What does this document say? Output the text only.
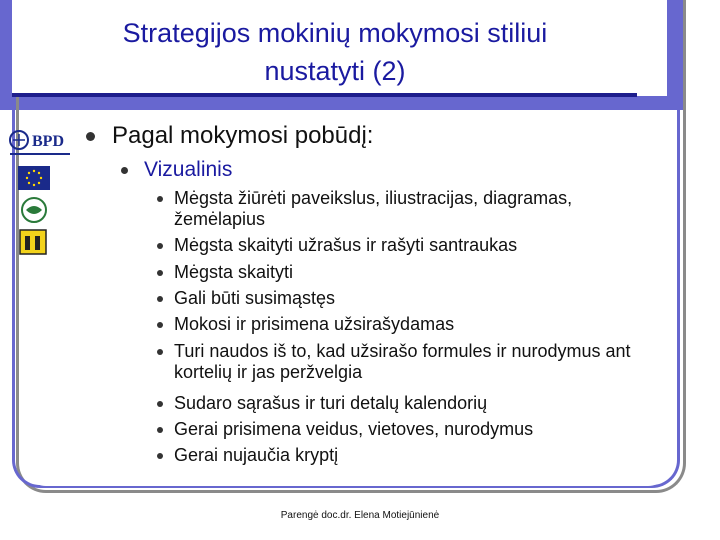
Strategijos mokinių mokymosi stiliui
nustatyti (2)
BPD Pagal mokymosi pobūdį:
Vizualinis
Mėgsta žiūrėti paveikslus, iliustracijas, diagramas, žemėlapius
Mėgsta skaityti užrašus ir rašyti santraukas
Mėgsta skaityti
Gali būti susimąstęs
Mokosi ir prisimena užsirašydamas
Turi naudos iš to, kad užsirašo formules ir nurodymus ant kortelių ir jas peržvelgia
Sudaro sąrašus ir turi detalų kalendorių
Gerai prisimena veidus, vietoves, nurodymus
Gerai nujaučia kryptį
Parengė doc.dr. Elena Motiejūnienė
